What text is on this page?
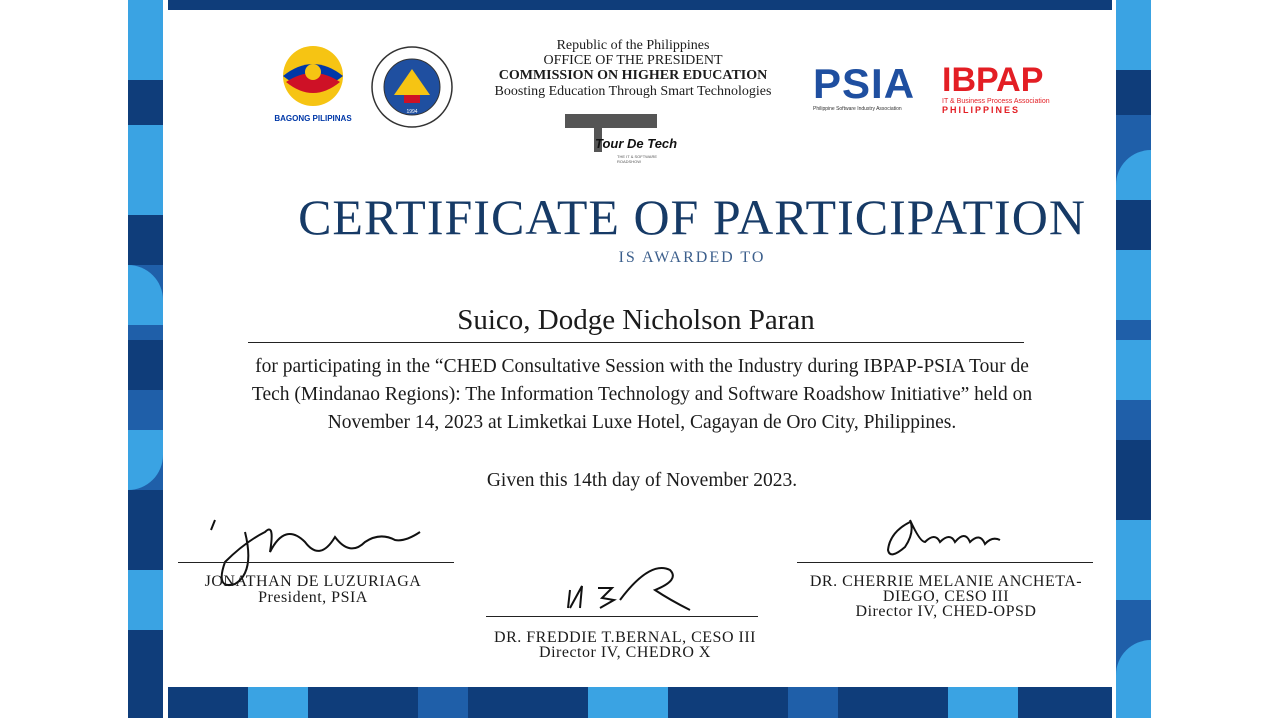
BAGONG PILIPINAS
1994
Republic of the Philippines
OFFICE OF THE PRESIDENT
COMMISSION ON HIGHER EDUCATION
Boosting Education Through Smart Technologies
Tour De Tech
THE IT & SOFTWARE ROADSHOW
PSIA
Philippine Software Industry Association
IBPAP
IT & Business Process Association
PHILIPPINES
CERTIFICATE OF PARTICIPATION
IS AWARDED TO
Suico, Dodge Nicholson Paran
for participating in the “CHED Consultative Session with the Industry during IBPAP-PSIA Tour de
Tech (Mindanao Regions): The Information Technology and Software Roadshow Initiative” held on
November 14, 2023 at Limketkai Luxe Hotel, Cagayan de Oro City, Philippines.
Given this 14th day of November 2023.
JONATHAN DE LUZURIAGA
President, PSIA
DR. FREDDIE T.BERNAL, CESO III
Director IV, CHEDRO X
DR. CHERRIE MELANIE ANCHETA-
DIEGO, CESO III
Director IV, CHED-OPSD
